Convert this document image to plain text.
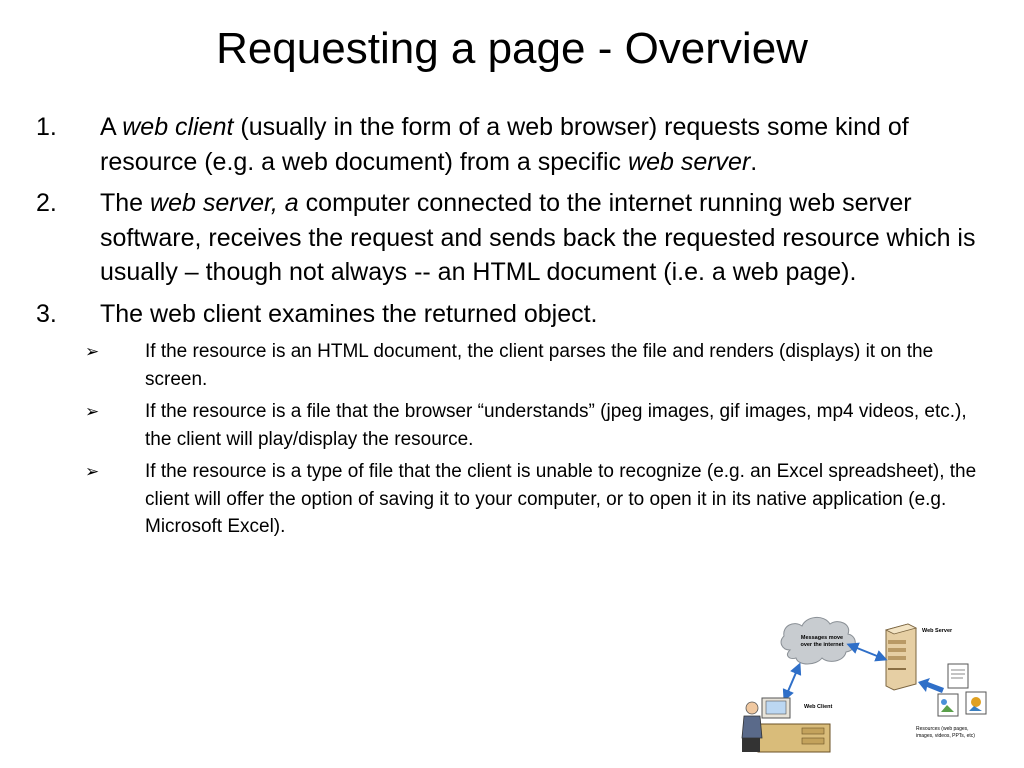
Requesting a page - Overview
1.	A web client (usually in the form of a web browser) requests some kind of resource (e.g. a web document) from a specific web server.
2.	The web server, a computer connected to the internet running web server software, receives the request and sends back the requested resource which is usually – though not always -- an HTML document (i.e. a web page).
3.	The web client examines the returned object.
➢ If the resource is an HTML document, the client parses the file and renders (displays) it on the screen.
➢ If the resource is a file that the browser “understands” (jpeg images, gif images, mp4 videos, etc.), the client will play/display the resource.
➢ If the resource is a type of file that the client is unable to recognize (e.g. an Excel spreadsheet), the client will offer the option of saving it to your computer, or to open it in its native application (e.g. Microsoft Excel).
Messages move
over the internet
Web Server
Resources (web pages,
images, videos, PPTs, etc)
Web Client
